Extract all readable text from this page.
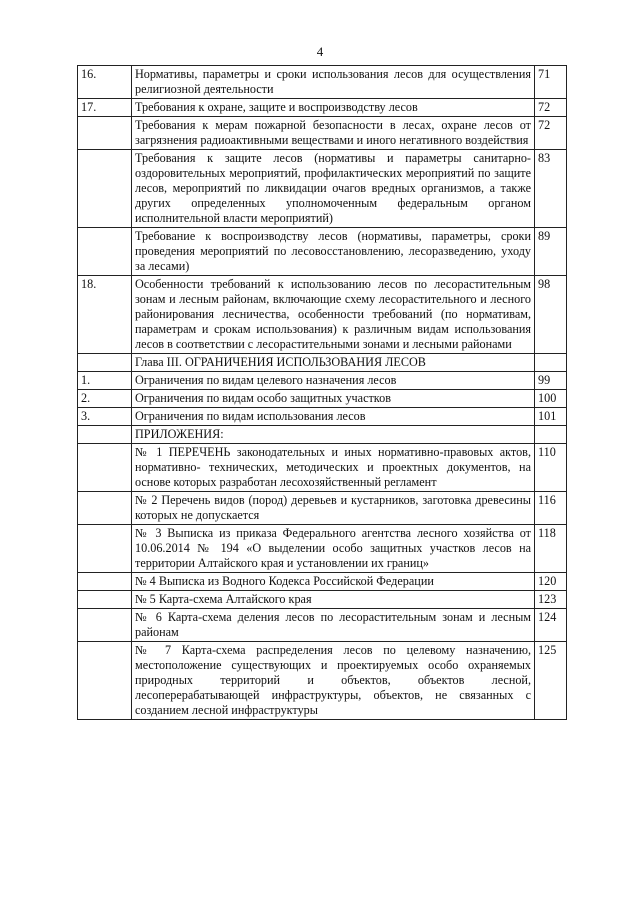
4
16.	Нормативы, параметры и сроки использования лесов для осуществления религиозной деятельности	71
17.	Требования к охране, защите и воспроизводству лесов	72
	Требования к мерам пожарной безопасности в лесах, охране лесов от загрязнения радиоактивными веществами и иного негативного воздействия	72
	Требования к защите лесов (нормативы и параметры санитарно-оздоровительных мероприятий, профилактических мероприятий по защите лесов, мероприятий по ликвидации очагов вредных организмов, а также других определенных уполномоченным федеральным органом исполнительной власти мероприятий)	83
	Требование к воспроизводству лесов (нормативы, параметры, сроки проведения мероприятий по лесовосстановлению, лесоразведению, уходу за лесами)	89
18.	Особенности требований к использованию лесов по лесорастительным зонам и лесным районам, включающие схему лесорастительного и лесного районирования лесничества, особенности требований (по нормативам, параметрам и срокам использования) к различным видам использования лесов в соответствии с лесорастительными зонами и лесными районами	98
	Глава III. ОГРАНИЧЕНИЯ ИСПОЛЬЗОВАНИЯ ЛЕСОВ	
1.	Ограничения по видам целевого назначения лесов	99
2.	Ограничения по видам особо защитных участков	100
3.	Ограничения по видам использования лесов	101
	ПРИЛОЖЕНИЯ:	
	№ 1 ПЕРЕЧЕНЬ законодательных и иных нормативно-правовых актов, нормативно- технических, методических и проектных документов, на основе которых разработан лесохозяйственный регламент	110
	№ 2 Перечень видов (пород) деревьев и кустарников, заготовка древесины которых не допускается	116
	№ 3 Выписка из приказа Федерального агентства лесного хозяйства от 10.06.2014 № 194 «О выделении особо защитных участков лесов на территории Алтайского края и установлении их границ»	118
	№ 4 Выписка из Водного Кодекса Российской Федерации	120
	№ 5 Карта-схема Алтайского края	123
	№ 6 Карта-схема деления лесов по лесорастительным зонам и лесным районам	124
	№ 7 Карта-схема распределения лесов по целевому назначению, местоположение существующих и проектируемых особо охраняемых природных территорий и объектов, объектов лесной, лесоперерабатывающей инфраструктуры, объектов, не связанных с созданием лесной инфраструктуры	125
